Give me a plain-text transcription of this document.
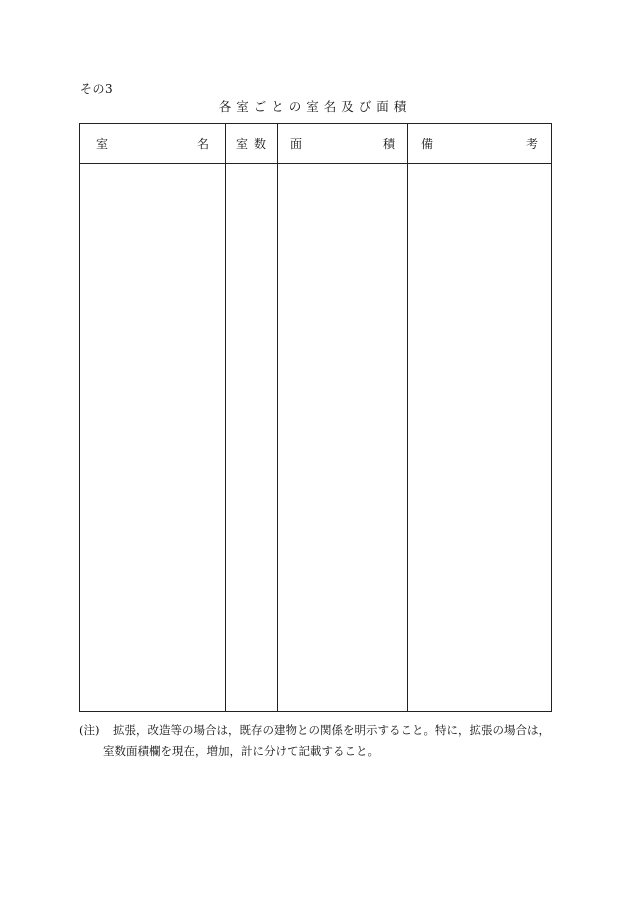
その3
各室ごとの室名及び面積
室	名 室数 面	積 備	考
(注)	拡張，改造等の場合は，既存の建物との関係を明示すること。特に，拡張の場合は，
室数面積欄を現在，増加，計に分けて記載すること。
